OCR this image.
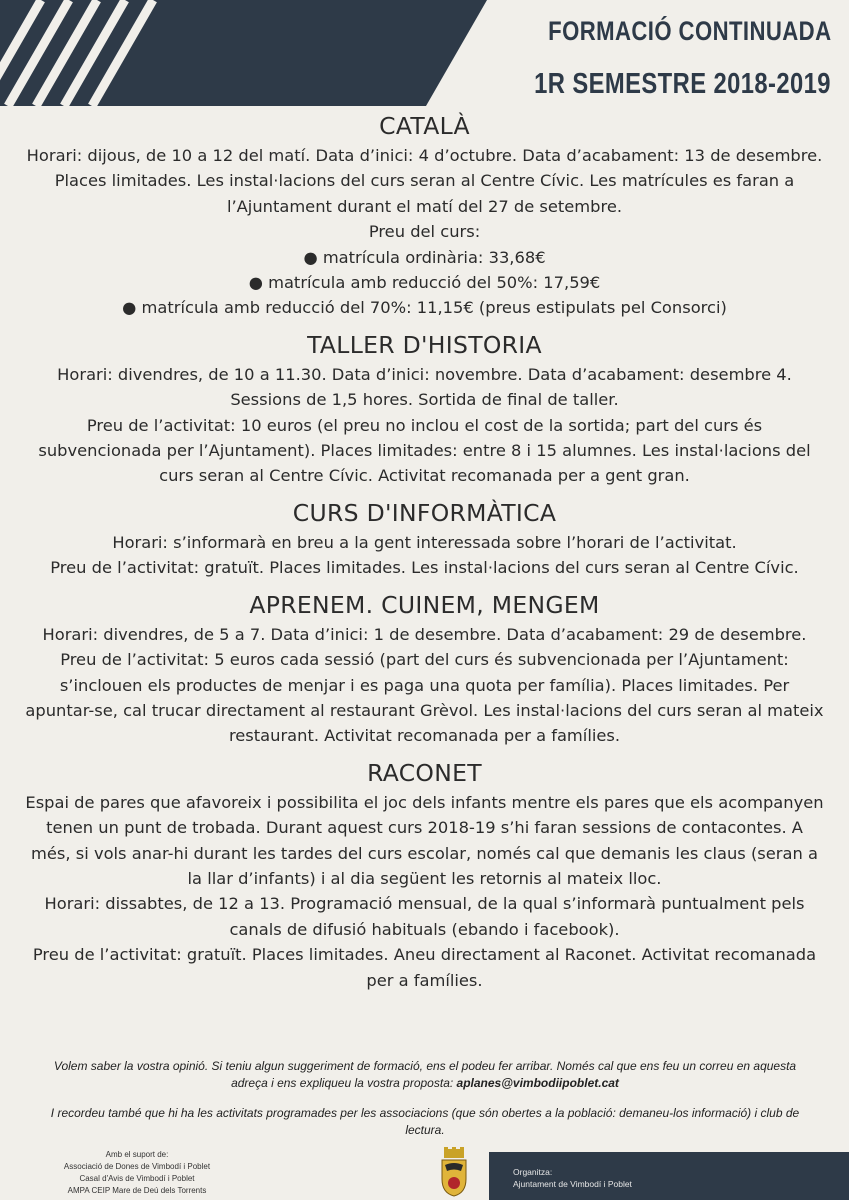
FORMACIÓ CONTINUADA
1R SEMESTRE 2018-2019
CATALÀ

Horari: dijous, de 10 a 12 del matí. Data d’inici: 4 d’octubre. Data d’acabament: 13 de desembre. Places limitades. Les instal·lacions del curs seran al Centre Cívic. Les matrícules es faran a l’Ajuntament durant el matí del 27 de setembre.

Preu del curs:

● matrícula ordinària: 33,68€

● matrícula amb reducció del 50%: 17,59€

● matrícula amb reducció del 70%: 11,15€ (preus estipulats pel Consorci)

TALLER D'HISTORIA

Horari: divendres, de 10 a 11.30. Data d’inici: novembre. Data d’acabament: desembre 4. Sessions de 1,5 hores. Sortida de final de taller.

Preu de l’activitat: 10 euros (el preu no inclou el cost de la sortida; part del curs és subvencionada per l’Ajuntament). Places limitades: entre 8 i 15 alumnes. Les instal·lacions del curs seran al Centre Cívic. Activitat recomanada per a gent gran.

CURS D'INFORMÀTICA

Horari: s’informarà en breu a la gent interessada sobre l’horari de l’activitat.

Preu de l’activitat: gratuït. Places limitades. Les instal·lacions del curs seran al Centre Cívic.

APRENEM. CUINEM, MENGEM

Horari: divendres, de 5 a 7. Data d’inici: 1 de desembre. Data d’acabament: 29 de desembre.

Preu de l’activitat: 5 euros cada sessió (part del curs és subvencionada per l’Ajuntament: s’inclouen els productes de menjar i es paga una quota per família). Places limitades. Per apuntar-se, cal trucar directament al restaurant Grèvol. Les instal·lacions del curs seran al mateix restaurant. Activitat recomanada per a famílies.

RACONET

Espai de pares que afavoreix i possibilita el joc dels infants mentre els pares que els acompanyen tenen un punt de trobada. Durant aquest curs 2018-19 s’hi faran sessions de contacontes. A més, si vols anar-hi durant les tardes del curs escolar, només cal que demanis les claus (seran a la llar d’infants) i al dia següent les retornis al mateix lloc.

Horari: dissabtes, de 12 a 13. Programació mensual, de la qual s’informarà puntualment pels canals de difusió habituals (ebando i facebook).

Preu de l’activitat: gratuït. Places limitades. Aneu directament al Raconet. Activitat recomanada per a famílies.

Volem saber la vostra opinió. Si teniu algun suggeriment de formació, ens el podeu fer arribar. Només cal que ens feu un correu en aquesta adreça i ens expliqueu la vostra proposta: aplanes@vimbodiipoblet.cat

I recordeu també que hi ha les activitats programades per les associacions (que són obertes a la població: demaneu-los informació) i club de lectura.

Amb el suport de:
Associació de Dones de Vimbodí i Poblet
Casal d'Avis de Vimbodí i Poblet
AMPA CEIP Mare de Deú dels Torrents
Organitza:
Ajuntament de Vimbodí i Poblet
